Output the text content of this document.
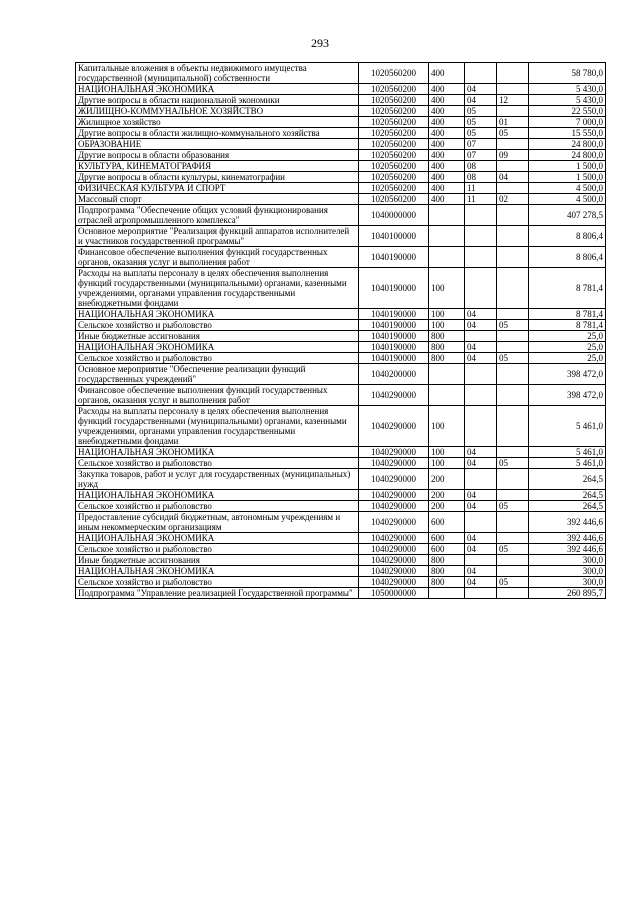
293
Капитальные вложения в объекты недвижимого имущества государственной (муниципальной) собственности	1020560200	400			58 780,0
НАЦИОНАЛЬНАЯ ЭКОНОМИКА	1020560200	400	04		5 430,0
Другие вопросы в области национальной экономики	1020560200	400	04	12	5 430,0
ЖИЛИЩНО-КОММУНАЛЬНОЕ ХОЗЯЙСТВО	1020560200	400	05		22 550,0
Жилищное хозяйство	1020560200	400	05	01	7 000,0
Другие вопросы в области жилищно-коммунального хозяйства	1020560200	400	05	05	15 550,0
ОБРАЗОВАНИЕ	1020560200	400	07		24 800,0
Другие вопросы в области образования	1020560200	400	07	09	24 800,0
КУЛЬТУРА, КИНЕМАТОГРАФИЯ	1020560200	400	08		1 500,0
Другие вопросы в области культуры, кинематографии	1020560200	400	08	04	1 500,0
ФИЗИЧЕСКАЯ КУЛЬТУРА И СПОРТ	1020560200	400	11		4 500,0
Массовый спорт	1020560200	400	11	02	4 500,0
Подпрограмма "Обеспечение общих условий функционирования отраслей агропромышленного комплекса"	1040000000				407 278,5
Основное мероприятие "Реализация функций аппаратов исполнителей и участников государственной программы"	1040100000				8 806,4
Финансовое обеспечение выполнения функций государственных органов, оказания услуг и выполнения работ	1040190000				8 806,4
Расходы на выплаты персоналу в целях обеспечения выполнения функций государственными (муниципальными) органами, казенными учреждениями, органами управления государственными внебюджетными фондами	1040190000	100			8 781,4
НАЦИОНАЛЬНАЯ ЭКОНОМИКА	1040190000	100	04		8 781,4
Сельское хозяйство и рыболовство	1040190000	100	04	05	8 781,4
Иные бюджетные ассигнования	1040190000	800			25,0
НАЦИОНАЛЬНАЯ ЭКОНОМИКА	1040190000	800	04		25,0
Сельское хозяйство и рыболовство	1040190000	800	04	05	25,0
Основное мероприятие "Обеспечение реализации функций государственных учреждений"	1040200000				398 472,0
Финансовое обеспечение выполнения функций государственных органов, оказания услуг и выполнения работ	1040290000				398 472,0
Расходы на выплаты персоналу в целях обеспечения выполнения функций государственными (муниципальными) органами, казенными учреждениями, органами управления государственными внебюджетными фондами	1040290000	100			5 461,0
НАЦИОНАЛЬНАЯ ЭКОНОМИКА	1040290000	100	04		5 461,0
Сельское хозяйство и рыболовство	1040290000	100	04	05	5 461,0
Закупка товаров, работ и услуг для государственных (муниципальных) нужд	1040290000	200			264,5
НАЦИОНАЛЬНАЯ ЭКОНОМИКА	1040290000	200	04		264,5
Сельское хозяйство и рыболовство	1040290000	200	04	05	264,5
Предоставление субсидий бюджетным, автономным учреждениям и иным некоммерческим организациям	1040290000	600			392 446,6
НАЦИОНАЛЬНАЯ ЭКОНОМИКА	1040290000	600	04		392 446,6
Сельское хозяйство и рыболовство	1040290000	600	04	05	392 446,6
Иные бюджетные ассигнования	1040290000	800			300,0
НАЦИОНАЛЬНАЯ ЭКОНОМИКА	1040290000	800	04		300,0
Сельское хозяйство и рыболовство	1040290000	800	04	05	300,0
Подпрограмма "Управление реализацией Государственной программы"	1050000000				260 895,7
